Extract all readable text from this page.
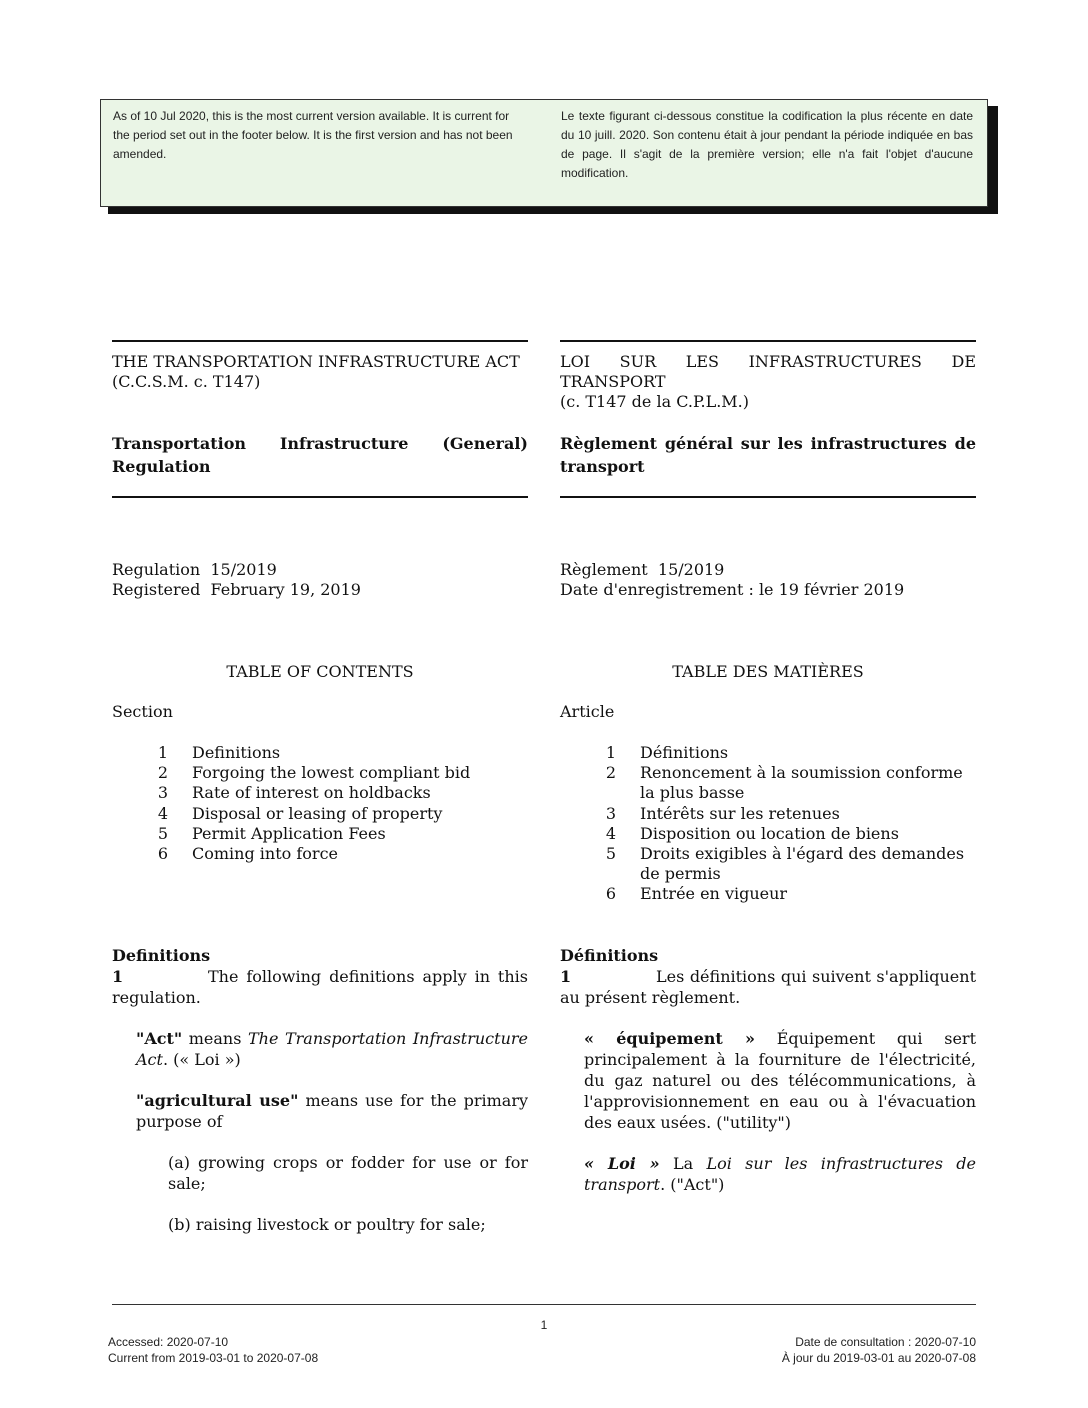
As of 10 Jul 2020, this is the most current version available. It is current for the period set out in the footer below. It is the first version and has not been amended.
Le texte figurant ci-dessous constitue la codification la plus récente en date du 10 juill. 2020. Son contenu était à jour pendant la période indiquée en bas de page. Il s'agit de la première version; elle n'a fait l'objet d'aucune modification.
THE TRANSPORTATION INFRASTRUCTURE ACT
(C.C.S.M. c. T147)
Transportation Infrastructure (General) Regulation
LOI SUR LES INFRASTRUCTURES DE TRANSPORT
(c. T147 de la C.P.L.M.)
Règlement général sur les infrastructures de transport
Regulation  15/2019
Registered  February 19, 2019
Règlement  15/2019
Date d'enregistrement : le 19 février 2019
TABLE OF CONTENTS	TABLE DES MATIÈRES
Section	Article
1	Definitions
2	Forgoing the lowest compliant bid
3	Rate of interest on holdbacks
4	Disposal or leasing of property
5	Permit Application Fees
6	Coming into force
1	Définitions
2	Renoncement à la soumission conforme la plus basse
3	Intérêts sur les retenues
4	Disposition ou location de biens
5	Droits exigibles à l'égard des demandes de permis
6	Entrée en vigueur
Definitions
1	The following definitions apply in this regulation.
"Act" means The Transportation Infrastructure Act. (« Loi »)
"agricultural use" means use for the primary purpose of
(a) growing crops or fodder for use or for sale;
(b) raising livestock or poultry for sale;
Définitions
1	Les définitions qui suivent s'appliquent au présent règlement.
« équipement » Équipement qui sert principalement à la fourniture de l'électricité, du gaz naturel ou des télécommunications, à l'approvisionnement en eau ou à l'évacuation des eaux usées. ("utility")
« Loi » La Loi sur les infrastructures de transport. ("Act")
1
Accessed: 2020-07-10
Current from 2019-03-01 to 2020-07-08
Date de consultation : 2020-07-10
À jour du 2019-03-01 au 2020-07-08
